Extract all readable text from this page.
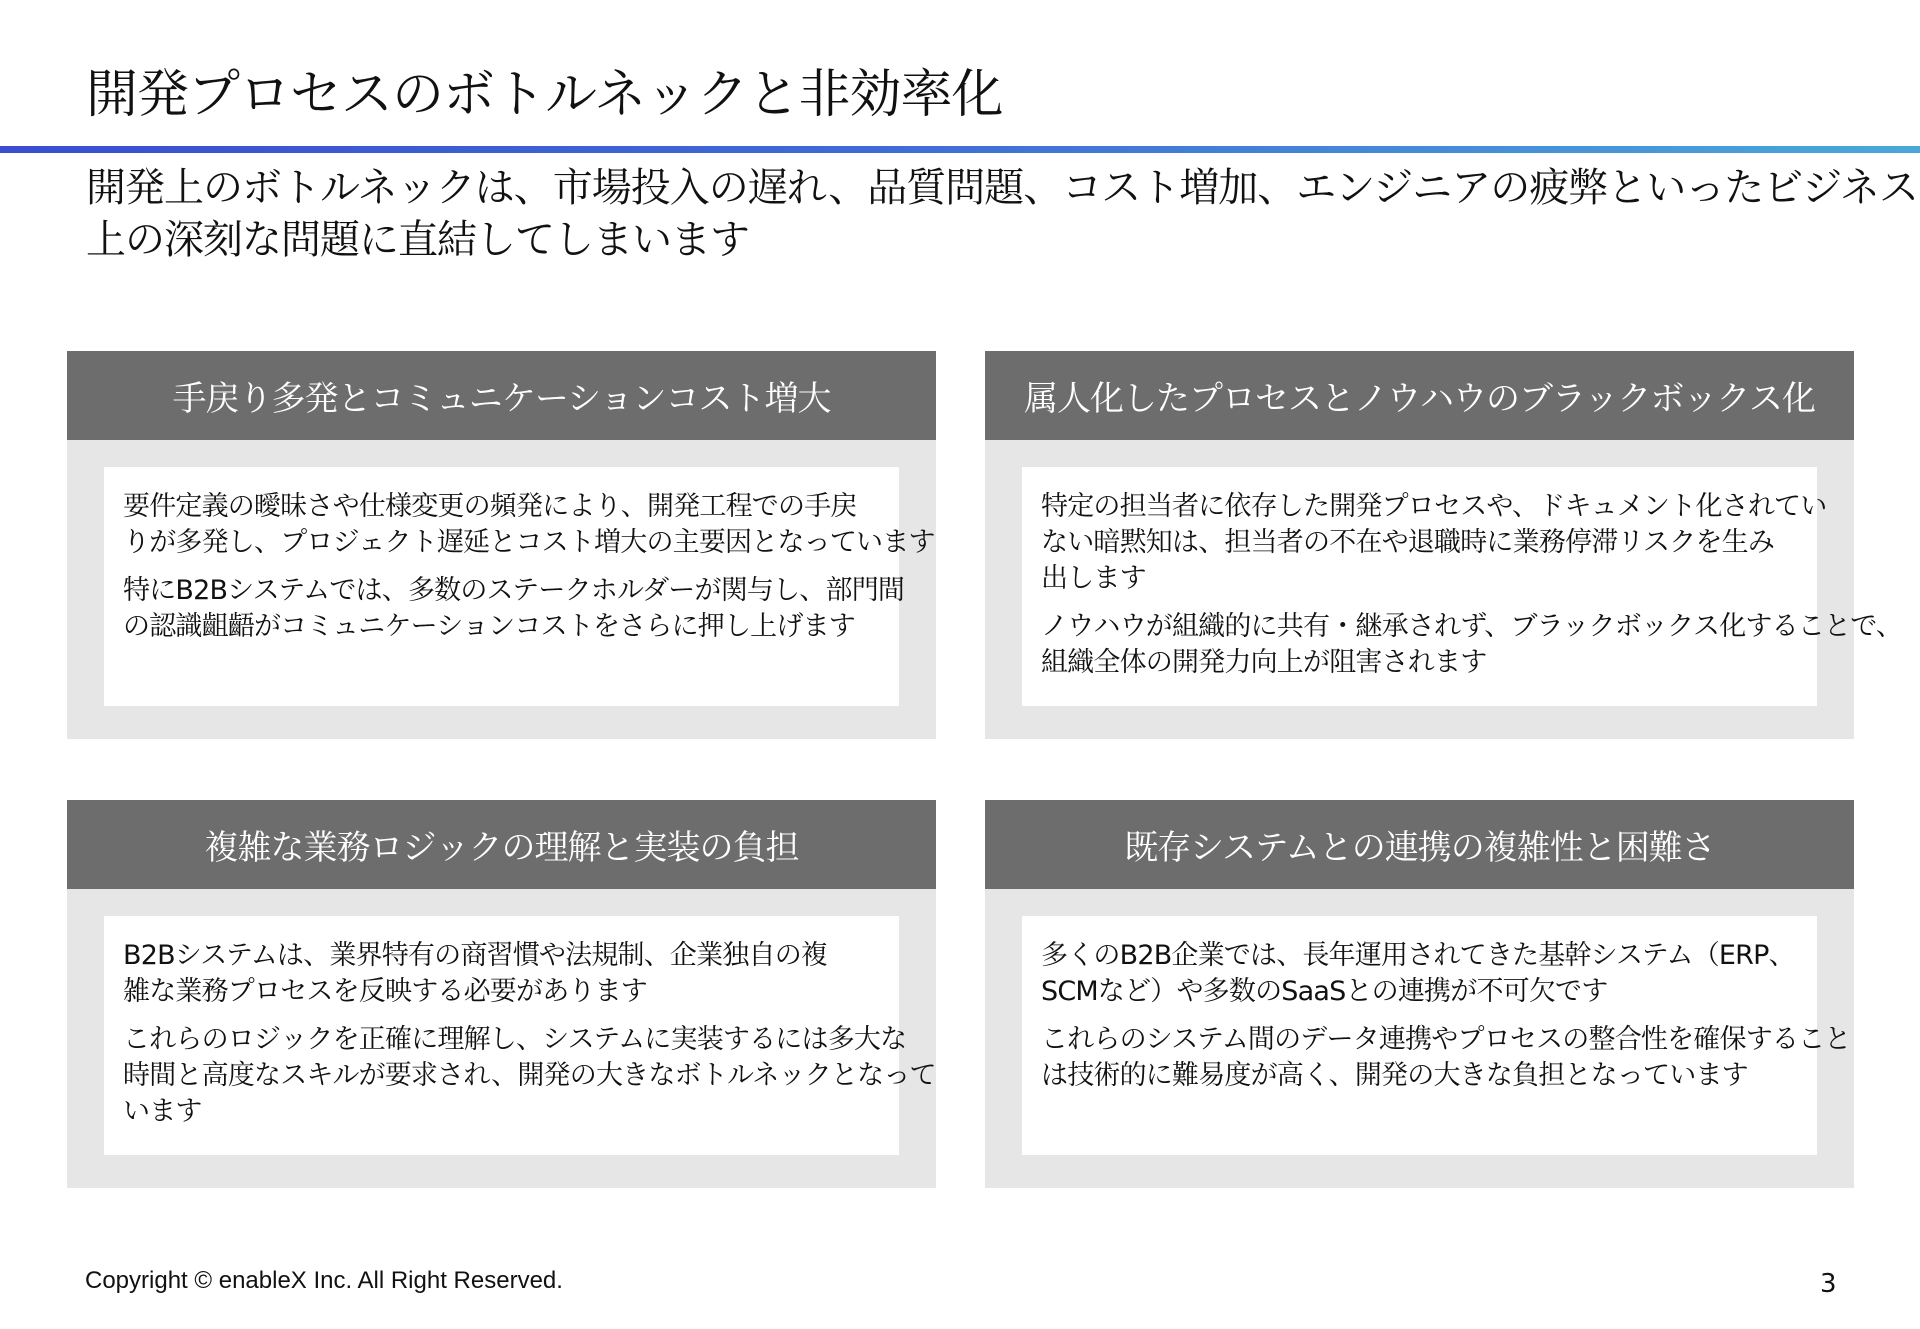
開発プロセスのボトルネックと非効率化
開発上のボトルネックは、市場投入の遅れ、品質問題、コスト増加、エンジニアの疲弊といったビジネス
上の深刻な問題に直結してしまいます
手戻り多発とコミュニケーションコスト増大

要件定義の曖昧さや仕様変更の頻発により、開発工程での手戻
りが多発し、プロジェクト遅延とコスト増大の主要因となっています

特にB2Bシステムでは、多数のステークホルダーが関与し、部門間
の認識齟齬がコミュニケーションコストをさらに押し上げます

属人化したプロセスとノウハウのブラックボックス化

特定の担当者に依存した開発プロセスや、ドキュメント化されてい
ない暗黙知は、担当者の不在や退職時に業務停滞リスクを生み
出します

ノウハウが組織的に共有・継承されず、ブラックボックス化することで、
組織全体の開発力向上が阻害されます

複雑な業務ロジックの理解と実装の負担

B2Bシステムは、業界特有の商習慣や法規制、企業独自の複
雑な業務プロセスを反映する必要があります

これらのロジックを正確に理解し、システムに実装するには多大な
時間と高度なスキルが要求され、開発の大きなボトルネックとなって
います

既存システムとの連携の複雑性と困難さ

多くのB2B企業では、長年運用されてきた基幹システム（ERP、
SCMなど）や多数のSaaSとの連携が不可欠です

これらのシステム間のデータ連携やプロセスの整合性を確保すること
は技術的に難易度が高く、開発の大きな負担となっています

Copyright © enableX Inc. All Right Reserved.	3
